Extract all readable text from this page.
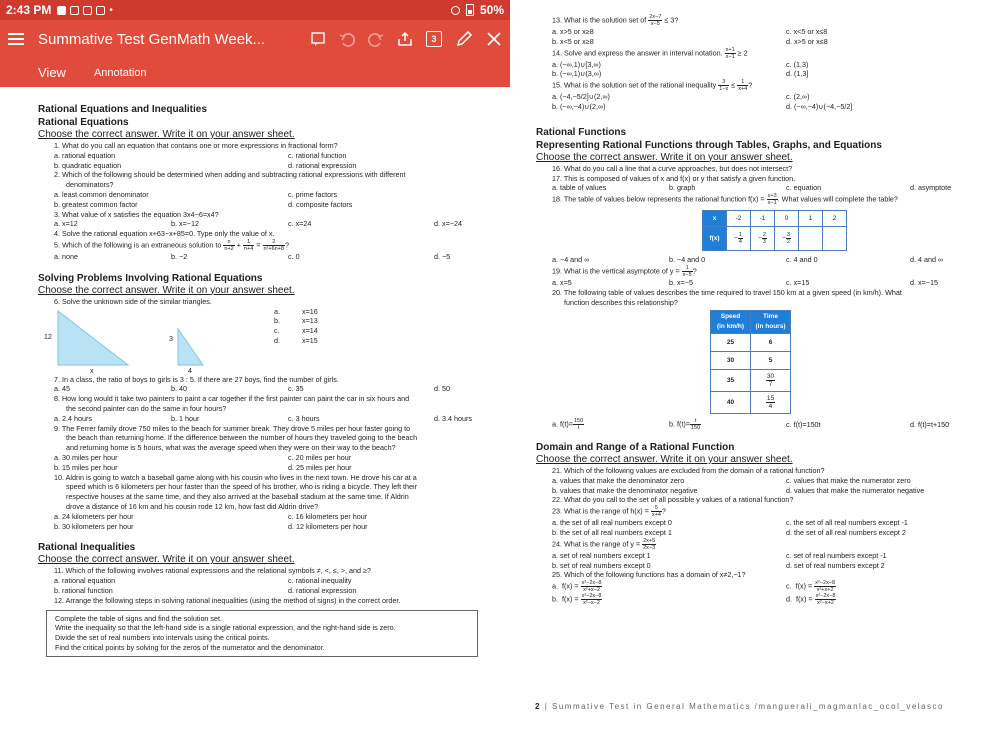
2:43 PM	•	50%
Summative Test GenMath Week...	3
View	Annotation
Rational Equations and Inequalities
Rational Equations
Choose the correct answer. Write it on your answer sheet.
1. What do you call an equation that contains one or more expressions in fractional form?
a. rational equation	c. rational function
b. quadratic equation	d. rational expression
2. Which of the following should be determined when adding and subtracting rational expressions with different
denominators?
a. least common denominator	c. prime factors
b. greatest common factor	d. composite factors
3. What value of x satisfies the equation 3x4−6=x4?
a. x=12	b. x=−12	c. x=24	d. x=−24
4. Solve the rational equation x+63−x+85=0. Type only the value of x.
5. Which of the following is an extraneous solution to $\frac{n}{n+2} + \frac{1}{n+4} = \frac{2}{\text{n²+6n+8}}$ ?
a. none	b. −2	c. 0	d. −5
Solving Problems Involving Rational Equations
Choose the correct answer. Write it on your answer sheet.
6. Solve the unknown side of the similar triangles.
12
x
3
4
a.	x=16
b.	x=13
c.	x=14
d.	x=15
7. In a class, the ratio of boys to girls is 3 : 5. If there are 27 boys, find the number of girls.
a. 45	b. 40	c. 35	d. 50
8. How long would it take two painters to paint a car together if the first painter can paint the car in six hours and
the second painter can do the same in four hours?
a. 2.4 hours	b. 1 hour	c. 3 hours	d. 3.4 hours
9. The Ferrer family drove 750 miles to the beach for summer break. They drove 5 miles per hour faster going to
the beach than returning home. If the difference between the number of hours they traveled going to the beach
and returning home is 5 hours, what was the average speed when they were on their way to the beach?
a. 30 miles per hour	c. 20 miles per hour
b. 15 miles per hour	d. 25 miles per hour
10. Aldrin is going to watch a baseball game along with his cousin who lives in the next town. He drove his car at a
speed which is 6 kilometers per hour faster than the speed of his brother, who is riding a bicycle. They left their
respective houses at the same time, and they also arrived at the baseball stadium at the same time. If Aldrin
drove a distance of 16 km and his cousin rode 12 km, how fast did Aldrin drive?
a. 24 kilometers per hour	c. 16 kilometers per hour
b. 30 kilometers per hour	d. 12 kilometers per hour
Rational Inequalities
Choose the correct answer. Write it on your answer sheet.
11. Which of the following involves rational expressions and the relational symbols ≠, <, ≤, >, and ≥?
a. rational equation	c. rational inequality
b. rational function	d. rational expression
12. Arrange the following steps in solving rational inequalities (using the method of signs) in the correct order.
Complete the table of signs and find the solution set.
Write the inequality so that the left-hand side is a single rational expression, and the right-hand side is zero.
Divide the set of real numbers into intervals using the critical points.
Find the critical points by solving for the zeros of the numerator and the denominator.
13. What is the solution set of $\frac{2x-7}{x-5} \le 3$?
a. x>5 or x≥8	c. x<5 or x≤8
b. x<5 or x≥8	d. x>5 or x≤8
14. Solve and express the answer in interval notation. $\frac{x+1}{x-1} \ge 2$
a. (−∞,1)∪[3,∞)	c. (1,3)
b. (−∞,1)∪(3,∞)	d. (1,3]
15. What is the solution set of the rational inequality $\frac{3}{1-x} \le \frac{1}{x+4}$ ?
a. (−4,−5/2]∪(2,∞)	c. (2,∞)
b. (−∞,−4)∪(2,∞)	d. (−∞,−4)∪(−4,−5/2]
Rational Functions
Representing Rational Functions through Tables, Graphs, and Equations
Choose the correct answer. Write it on your answer sheet.
16. What do you call a line that a curve approaches, but does not intersect?
17. This is composed of values of x and f(x) or y that satisfy a given function.
a. table of values	b. graph	c. equation	d. asymptote
18. The table of values below represents the rational function $f(x) = \frac{x+3}{x-1}$ . What values will complete the table?
x	-2	-1	0	1	2
f(x)	− $\frac{1}{4}$	− $\frac{2}{3}$	− $\frac{3}{2}$

a. −4 and ∞	b. −4 and 0	c. 4 and 0	d. 4 and ∞
19. What is the vertical asymptote of $y = \frac{1}{x-5}$ ?
a. x=5	b. x=−5	c. x=15	d. x=−15
20. The following table of values describes the time required to travel 150 km at a given speed (in km/h). What
function describes this relationship?
Speed
(in km/h)	Time
(in hours)
25	6
30	5
35	$\frac{30}{7}$

40	$\frac{15}{4}$
a. $f(t)= \frac{150}{t}$	b. $f(t)= \frac{t}{150}$	c. f(t)=150t	d. f(t)=t+150
Domain and Range of a Rational Function
Choose the correct answer. Write it on your answer sheet.
21. Which of the following values are excluded from the domain of a rational function?
a. values that make the denominator zero	c. values that make the numerator zero
b. values that make the denominator negative	d. values that make the numerator negative
22. What do you call to the set of all possible y values of a rational function?
23. What is the range of $h(x) = \frac{5}{x+4}$ ?
a. the set of all real numbers except 0	c. the set of all real numbers except -1
b. the set of all real numbers except 1	d. the set of all real numbers except 2
24. What is the range of $y = \frac{2x+5}{2x-3}$
a. set of real numbers except 1	c. set of real numbers except -1
b. set of real numbers except 0	d. set of real numbers except 2
25. Which of the following functions has a domain of x≠2,−1?
a. $f(x) = \frac{\text{x²−2x−8}}{\text{x²+x−2}}$	c. $f(x) = \frac{\text{x²−2x−8}}{\text{x²+x+2}}$
b. $f(x) = \frac{\text{x²−2x−8}}{\text{x²−x−2}}$	d. $f(x) = \frac{\text{x²−2x−8}}{\text{x²−x+2}}$
2 | Summative Test in General Mathematics /manguerali_magmanlac_ocol_velasco
